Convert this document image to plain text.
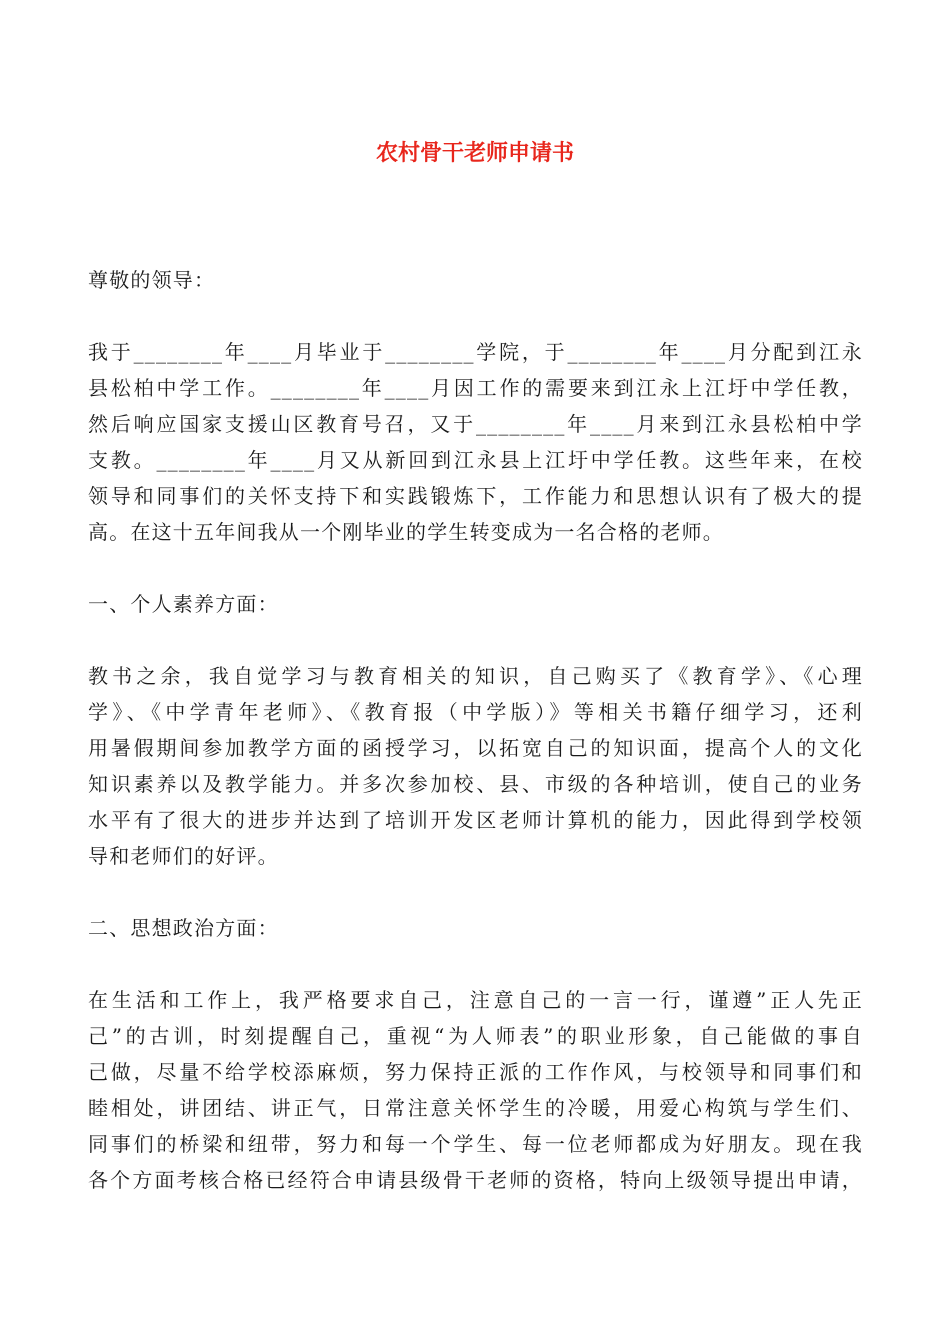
农村骨干老师申请书
尊敬的领导：
我于________年____月毕业于________学院，于________年____月分配到江永
县松柏中学工作。________年____月因工作的需要来到江永上江圩中学任教，
然后响应国家支援山区教育号召，又于________年____月来到江永县松柏中学
支教。________年____月又从新回到江永县上江圩中学任教。这些年来，在校
领导和同事们的关怀支持下和实践锻炼下，工作能力和思想认识有了极大的提
高。在这十五年间我从一个刚毕业的学生转变成为一名合格的老师。
一、个人素养方面：
教书之余，我自觉学习与教育相关的知识，自己购买了《教育学》、《心理
学》、《中学青年老师》、《教育报（中学版）》等相关书籍仔细学习，还利
用暑假期间参加教学方面的函授学习，以拓宽自己的知识面，提高个人的文化
知识素养以及教学能力。并多次参加校、县、市级的各种培训，使自己的业务
水平有了很大的进步并达到了培训开发区老师计算机的能力，因此得到学校领
导和老师们的好评。
二、思想政治方面：
在生活和工作上，我严格要求自己，注意自己的一言一行，谨遵”正人先正
己”的古训，时刻提醒自己，重视“为人师表”的职业形象，自己能做的事自
己做，尽量不给学校添麻烦，努力保持正派的工作作风，与校领导和同事们和
睦相处，讲团结、讲正气，日常注意关怀学生的冷暖，用爱心构筑与学生们、
同事们的桥梁和纽带，努力和每一个学生、每一位老师都成为好朋友。现在我
各个方面考核合格已经符合申请县级骨干老师的资格，特向上级领导提出申请，
